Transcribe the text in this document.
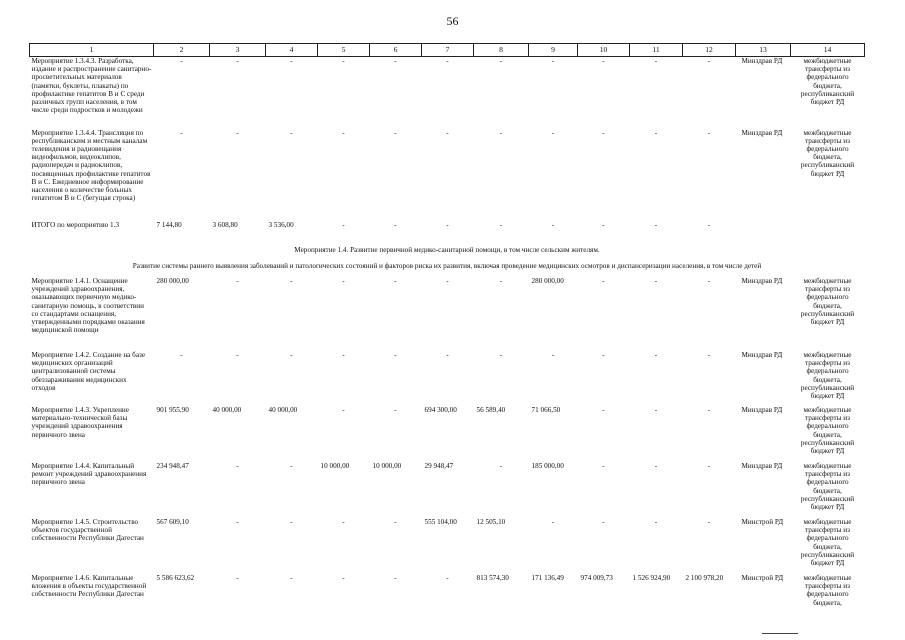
56
1	2	3	4	5	6	7	8	9	10	11	12	13	14
Мероприятие 1.3.4.3. Разработка, издание и распространение санитарно-просветительных материалов (памятки, буклеты, плакаты) по профилактике гепатитов В и С среди различных групп населения, в том числе среди подростков и молодежи	-	-	-	-	-	-	-	-	-	-	-	Минздрав РД	межбюджетные трансферты из федерального бюджета, республиканский бюджет РД
Мероприятие 1.3.4.4. Трансляция по республиканским и местным каналам телевидения и радиовещания видеофильмов, видеоклипов, радиопередач и радиоклипов, посвященных профилактике гепатитов В и С. Ежедневное информирование населения о количестве больных гепатитом В и С (бегущая строка)	-	-	-	-	-	-	-	-	-	-	-	Минздрав РД	межбюджетные трансферты из федерального бюджета, республиканский бюджет РД
ИТОГО по мероприятию 1.3	7 144,80	3 608,80	3 536,00	-	-	-	-	-	-	-	-		
Мероприятие 1.4. Развитие первичной медико-санитарной помощи, в том числе сельским жителям.													
Развитие системы раннего выявления заболеваний и патологических состояний и факторов риска их развития, включая проведение медицинских осмотров и диспансеризации населения, в том числе детей													
Мероприятие 1.4.1. Оснащение учреждений здравоохранения, оказывающих первичную медико-санитарную помощь, в соответствии со стандартами оснащения, утвержденными порядками оказания медицинской помощи	280 000,00	-	-	-	-	-	-	280 000,00	-	-	-	Минздрав РД	межбюджетные трансферты из федерального бюджета, республиканский бюджет РД
Мероприятие 1.4.2. Создание на базе медицинских организаций централизованной системы обеззараживания медицинских отходов	-	-	-	-	-	-	-	-	-	-	-	Минздрав РД	межбюджетные трансферты из федерального бюджета, республиканский бюджет РД
Мероприятие 1.4.3. Укрепление материально-технической базы учреждений здравоохранения первичного звена	901 955,90	40 000,00	40 000,00	-	-	694 300,00	56 589,40	71 066,50	-	-	-	Минздрав РД	межбюджетные трансферты из федерального бюджета, республиканский бюджет РД
Мероприятие 1.4.4. Капитальный ремонт учреждений здравоохранения первичного звена	234 948,47	-	-	10 000,00	10 000,00	29 948,47	-	185 000,00	-	-	-	Минздрав РД	межбюджетные трансферты из федерального бюджета, республиканский бюджет РД
Мероприятие 1.4.5. Строительство объектов государственной собственности Республики Дагестан	567 609,10	-	-	-	-	555 104,00	12 505,10	-	-	-	-	Минстрой РД	межбюджетные трансферты из федерального бюджета, республиканский бюджет РД
Мероприятие 1.4.6. Капитальные вложения в объекты государственной собственности Республики Дагестан	5 586 623,62	-	-	-	-	-	813 574,30	171 136,49	974 009,73	1 526 924,90	2 100 978,20	Минстрой РД	межбюджетные трансферты из федерального бюджета,
